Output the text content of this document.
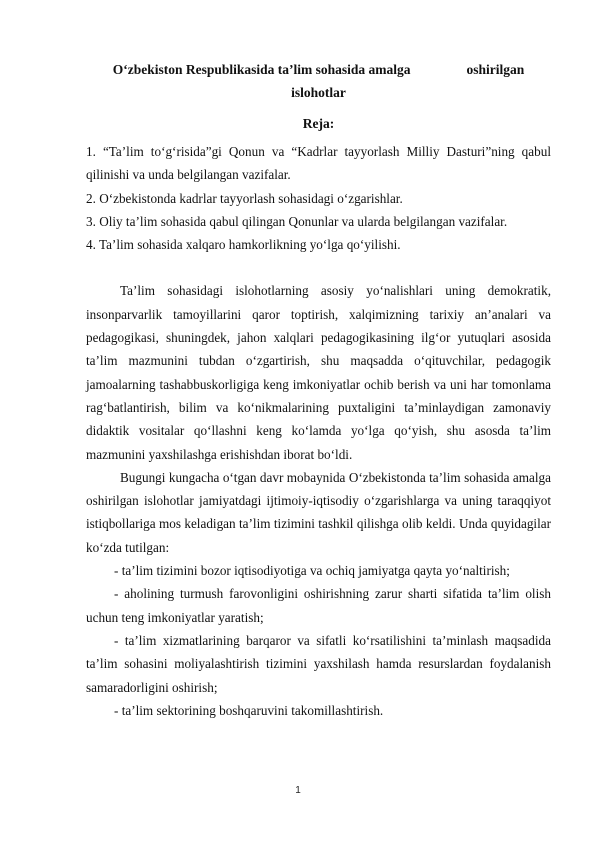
O‘zbekiston Respublikasida ta’lim sohasida amalga	oshirilgan
islohotlar
Reja:

1. “Ta’lim to‘g‘risida”gi Qonun va “Kadrlar tayyorlash Milliy Dasturi”ning qabul qilinishi va unda belgilangan vazifalar.

2. O‘zbekistonda kadrlar tayyorlash sohasidagi o‘zgarishlar.

3. Oliy ta’lim sohasida qabul qilingan Qonunlar va ularda belgilangan vazifalar.

4. Ta’lim sohasida xalqaro hamkorlikning yo‘lga qo‘yilishi.

Ta’lim sohasidagi islohotlarning asosiy yo‘nalishlari uning demokratik, insonparvarlik tamoyillarini qaror toptirish, xalqimizning tarixiy an’analari va pedagogikasi, shuningdek, jahon xalqlari pedagogikasining ilg‘or yutuqlari asosida ta’lim mazmunini tubdan o‘zgartirish, shu maqsadda o‘qituvchilar, pedagogik jamoalarning tashabbuskorligiga keng imkoniyatlar ochib berish va uni har tomonlama rag‘batlantirish, bilim va ko‘nikmalarining puxtaligini ta’minlaydigan zamonaviy didaktik vositalar qo‘llashni keng ko‘lamda yo‘lga qo‘yish, shu asosda ta’lim mazmunini yaxshilashga erishishdan iborat bo‘ldi.

Bugungi kungacha o‘tgan davr mobaynida O‘zbekistonda ta’lim sohasida amalga oshirilgan islohotlar jamiyatdagi ijtimoiy-iqtisodiy o‘zgarishlarga va uning taraqqiyot istiqbollariga mos keladigan ta’lim tizimini tashkil qilishga olib keldi. Unda quyidagilar ko‘zda tutilgan:

- ta’lim tizimini bozor iqtisodiyotiga va ochiq jamiyatga qayta yo‘naltirish;

- aholining turmush farovonligini oshirishning zarur sharti sifatida ta’lim olish uchun teng imkoniyatlar yaratish;

- ta’lim xizmatlarining barqaror va sifatli ko‘rsatilishini ta’minlash maqsadida ta’lim sohasini moliyalashtirish tizimini yaxshilash hamda resurslardan foydalanish samaradorligini oshirish;

- ta’lim sektorining boshqaruvini takomillashtirish.

1
